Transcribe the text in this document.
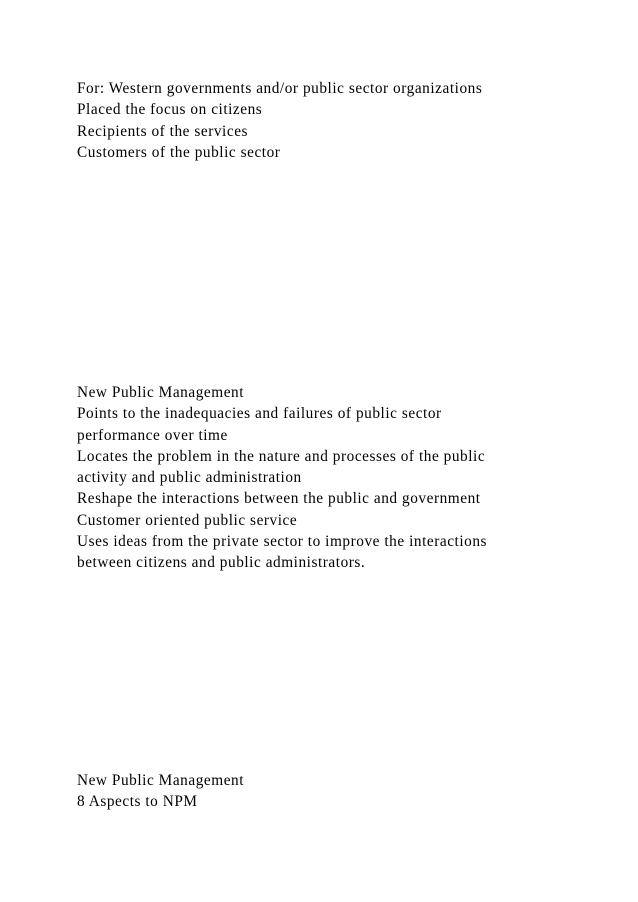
For: Western governments and/or public sector organizations
Placed the focus on citizens
Recipients of the services
Customers of the public sector
New Public Management
Points to the inadequacies and failures of public sector
performance over time
Locates the problem in the nature and processes of the public
activity and public administration
Reshape the interactions between the public and government
Customer oriented public service
Uses ideas from the private sector to improve the interactions
between citizens and public administrators.
New Public Management
8 Aspects to NPM
